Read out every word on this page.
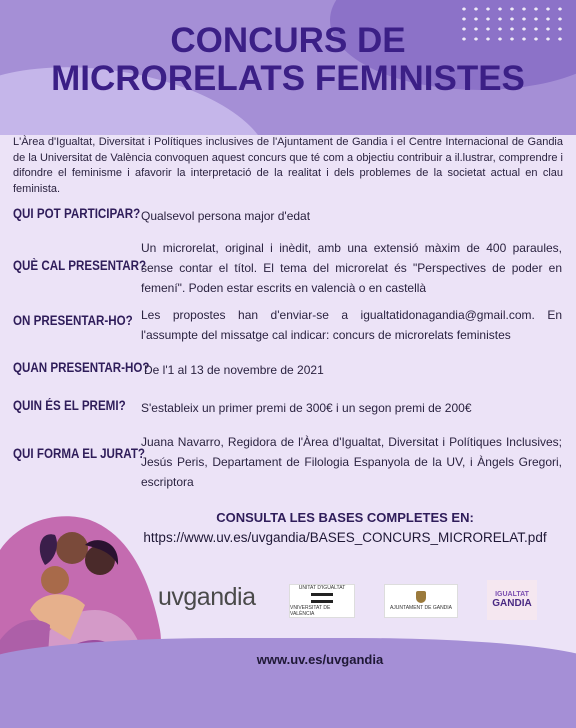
CONCURS DE
MICRORELATS FEMINISTES

L'Àrea d'Igualtat, Diversitat i Polítiques inclusives de l'Ajuntament de Gandia i el Centre Internacional de Gandia de la Universitat de València convoquen aquest concurs que té com a objectiu contribuir a il.lustrar, comprendre i difondre el feminisme i afavorir la interpretació de la realitat i dels problemes de la societat actual en clau feminista.

QUI POT PARTICIPAR? Qualsevol persona major d'edat
QUÈ CAL PRESENTAR?
Un microrelat, original i inèdit, amb una extensió màxim de 400 paraules, sense contar el títol. El tema del microrelat és "Perspectives de poder en femení". Poden estar escrits en valencià o en castellà
ON PRESENTAR-HO? Les propostes han d'enviar-se a igualtatidonagandia@gmail.com. En l'assumpte del missatge cal indicar: concurs de microrelats feministes
QUAN PRESENTAR-HO?
De l'1 al 13 de novembre de 2021
QUIN ÉS EL PREMI? S'estableix un primer premi de 300€ i un segon premi de 200€
QUI FORMA EL JURAT?
Juana Navarro, Regidora de l'Àrea d'Igualtat, Diversitat i Polítiques Inclusives; Jesús Peris, Departament de Filologia Espanyola de la UV, i Àngels Gregori, escriptora
CONSULTA LES BASES COMPLETES EN:
https://www.uv.es/uvgandia/BASES_CONCURS_MICRORELAT.pdf
uvgandia	UNITAT D'IGUALTAT
VNIVERSITAT DE VALÈNCIA
AJUNTAMENT DE GANDIA
IGUALTAT
GANDIA
www.uv.es/uvgandia
